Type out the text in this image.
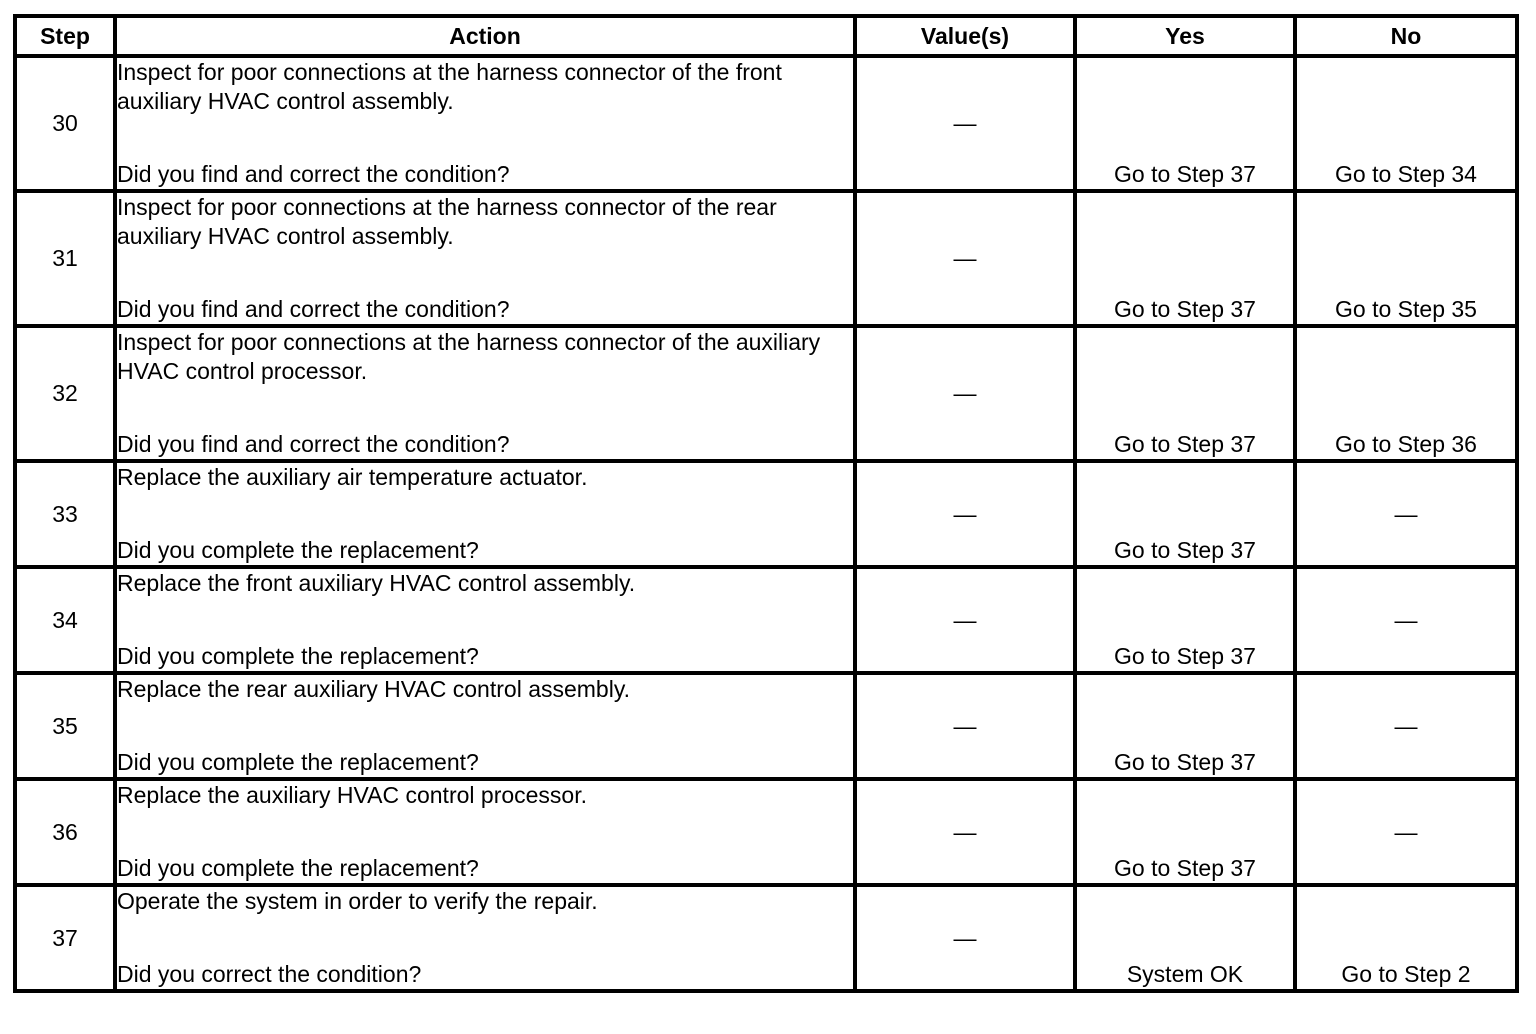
Step	Action	Value(s)	Yes	No
30	Inspect for poor connections at the harness connector of the front auxiliary HVAC control assembly.
Did you find and correct the condition?	—	Go to Step 37	Go to Step 34
31	Inspect for poor connections at the harness connector of the rear auxiliary HVAC control assembly.
Did you find and correct the condition?	—	Go to Step 37	Go to Step 35
32	Inspect for poor connections at the harness connector of the auxiliary HVAC control processor.
Did you find and correct the condition?	—	Go to Step 37	Go to Step 36
33	Replace the auxiliary air temperature actuator.
Did you complete the replacement?	—	Go to Step 37	—
34	Replace the front auxiliary HVAC control assembly.
Did you complete the replacement?	—	Go to Step 37	—
35	Replace the rear auxiliary HVAC control assembly.
Did you complete the replacement?	—	Go to Step 37	—
36	Replace the auxiliary HVAC control processor.
Did you complete the replacement?	—	Go to Step 37	—
37	Operate the system in order to verify the repair.
Did you correct the condition?	—	System OK	Go to Step 2
